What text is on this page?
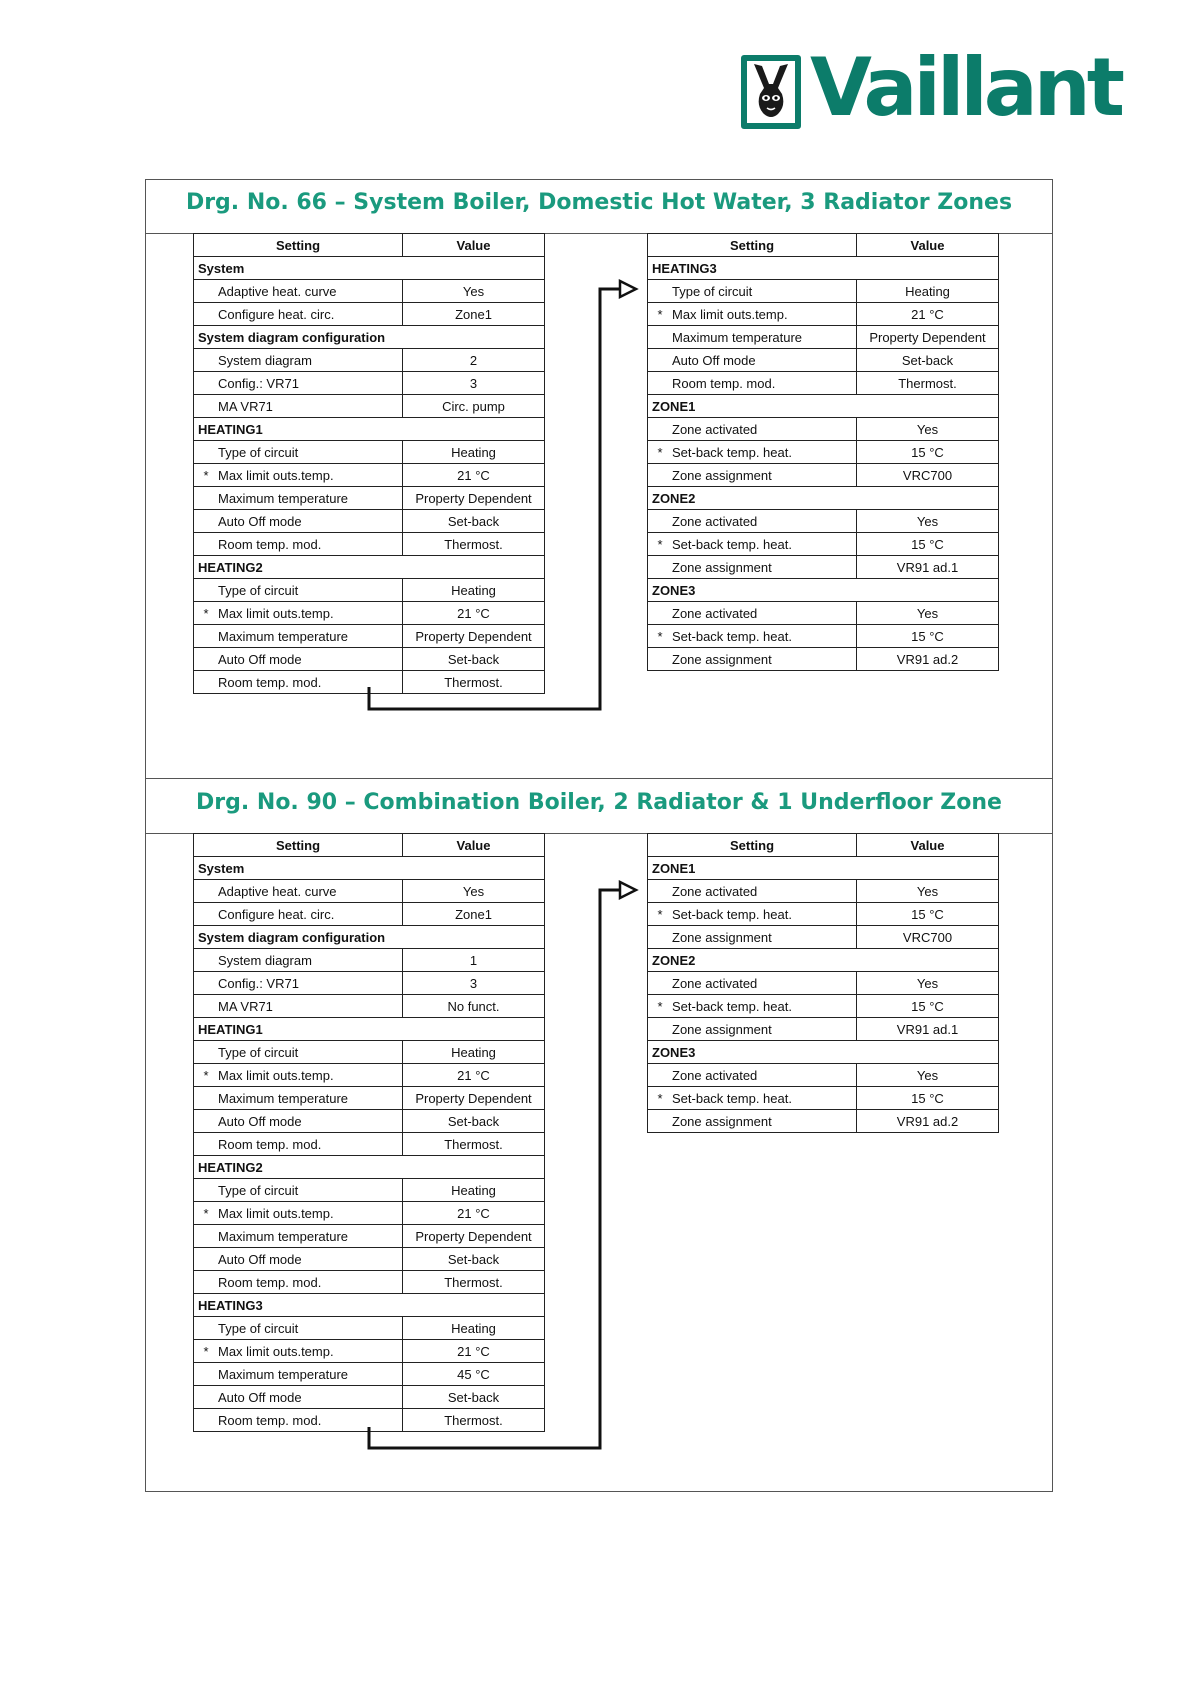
Vaillant
Drg. No. 66 – System Boiler, Domestic Hot Water, 3 Radiator Zones
Drg. No. 90 – Combination Boiler, 2 Radiator & 1 Underfloor Zone
Setting	Value
System	
Adaptive heat. curve	Yes
Configure heat. circ.	Zone1
System diagram configuration	
System diagram	2
Config.: VR71	3
MA VR71	Circ. pump
HEATING1	
Type of circuit	Heating
* Max limit outs.temp.	21 °C
Maximum temperature	Property Dependent
Auto Off mode	Set-back
Room temp. mod.	Thermost.
HEATING2	
Type of circuit	Heating
* Max limit outs.temp.	21 °C
Maximum temperature	Property Dependent
Auto Off mode	Set-back
Room temp. mod.	Thermost.
Setting	Value
HEATING3	
Type of circuit	Heating
* Max limit outs.temp.	21 °C
Maximum temperature	Property Dependent
Auto Off mode	Set-back
Room temp. mod.	Thermost.
ZONE1	
Zone activated	Yes
* Set-back temp. heat.	15 °C
Zone assignment	VRC700
ZONE2	
Zone activated	Yes
* Set-back temp. heat.	15 °C
Zone assignment	VR91 ad.1
ZONE3	
Zone activated	Yes
* Set-back temp. heat.	15 °C
Zone assignment	VR91 ad.2
Setting	Value
System	
Adaptive heat. curve	Yes
Configure heat. circ.	Zone1
System diagram configuration	
System diagram	1
Config.: VR71	3
MA VR71	No funct.
HEATING1	
Type of circuit	Heating
* Max limit outs.temp.	21 °C
Maximum temperature	Property Dependent
Auto Off mode	Set-back
Room temp. mod.	Thermost.
HEATING2	
Type of circuit	Heating
* Max limit outs.temp.	21 °C
Maximum temperature	Property Dependent
Auto Off mode	Set-back
Room temp. mod.	Thermost.
HEATING3	
Type of circuit	Heating
* Max limit outs.temp.	21 °C
Maximum temperature	45 °C
Auto Off mode	Set-back
Room temp. mod.	Thermost.
Setting	Value
ZONE1	
Zone activated	Yes
* Set-back temp. heat.	15 °C
Zone assignment	VRC700
ZONE2	
Zone activated	Yes
* Set-back temp. heat.	15 °C
Zone assignment	VR91 ad.1
ZONE3	
Zone activated	Yes
* Set-back temp. heat.	15 °C
Zone assignment	VR91 ad.2
